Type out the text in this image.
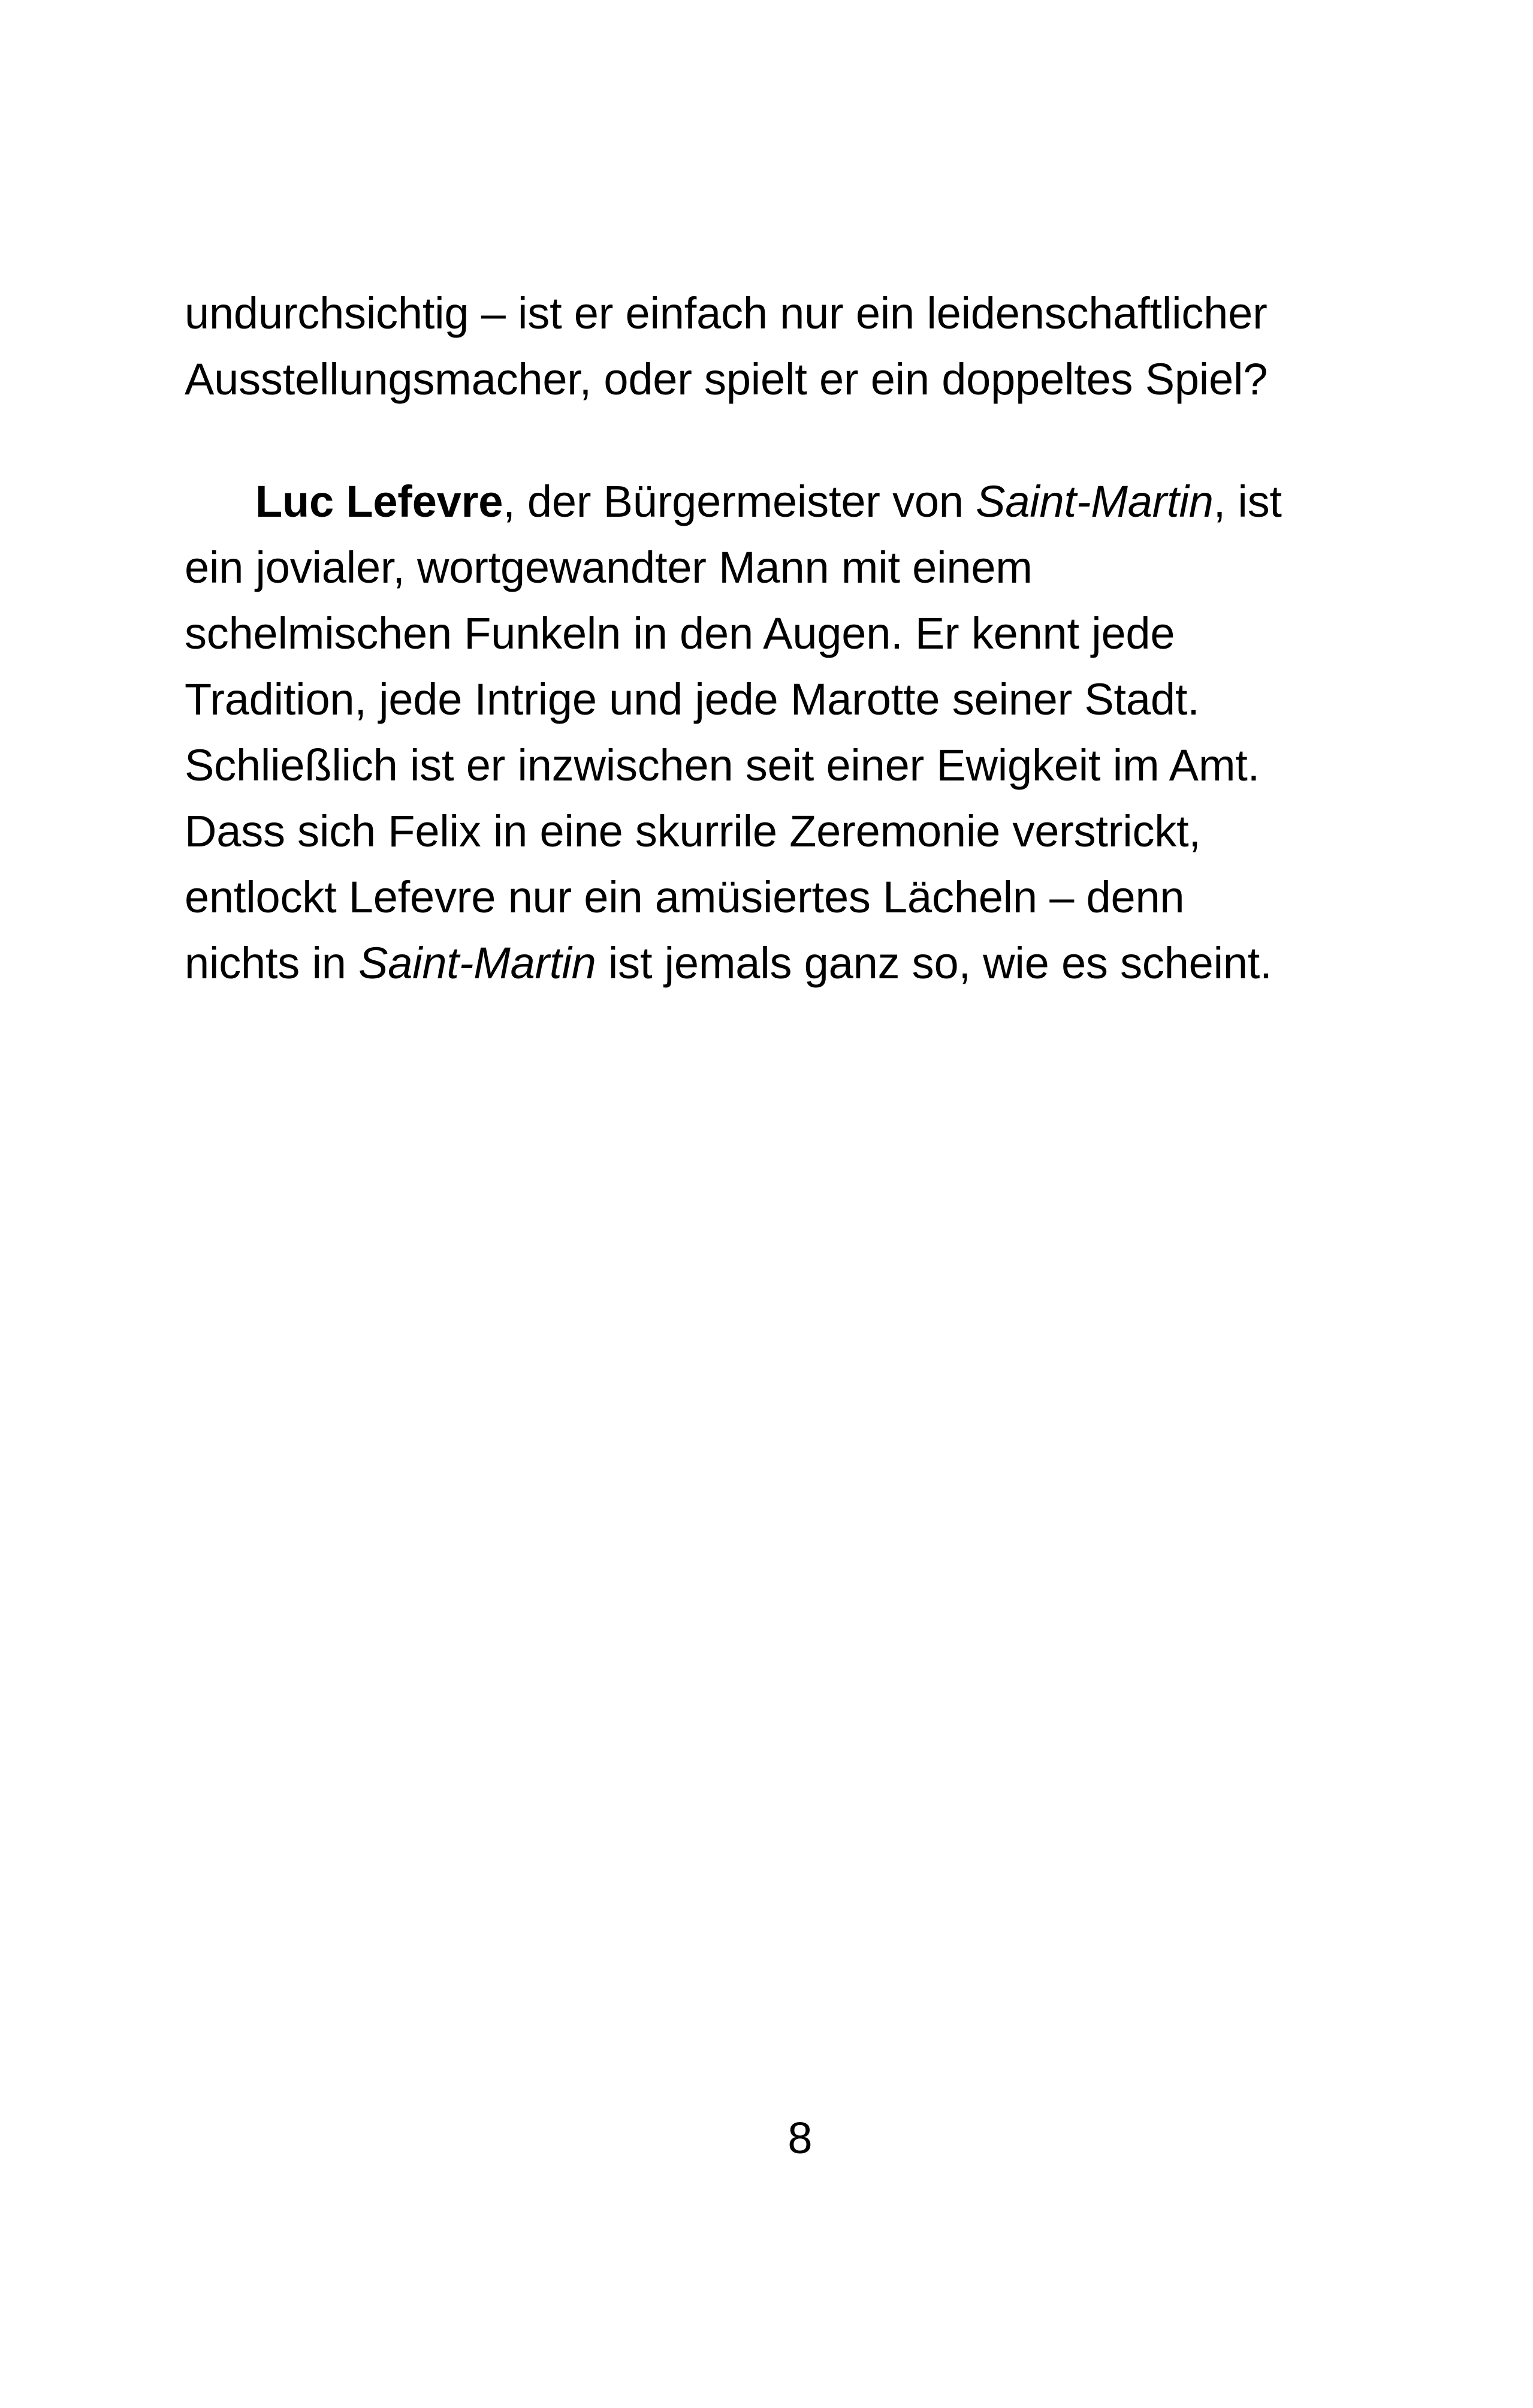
undurchsichtig – ist er einfach nur ein leidenschaftlicher
Ausstellungsmacher, oder spielt er ein doppeltes Spiel?
Luc Lefevre, der Bürgermeister von Saint-Martin, ist
ein jovialer, wortgewandter Mann mit einem
schelmischen Funkeln in den Augen. Er kennt jede
Tradition, jede Intrige und jede Marotte seiner Stadt.
Schließlich ist er inzwischen seit einer Ewigkeit im Amt.
Dass sich Felix in eine skurrile Zeremonie verstrickt,
entlockt Lefevre nur ein amüsiertes Lächeln – denn
nichts in Saint-Martin ist jemals ganz so, wie es scheint.
8
